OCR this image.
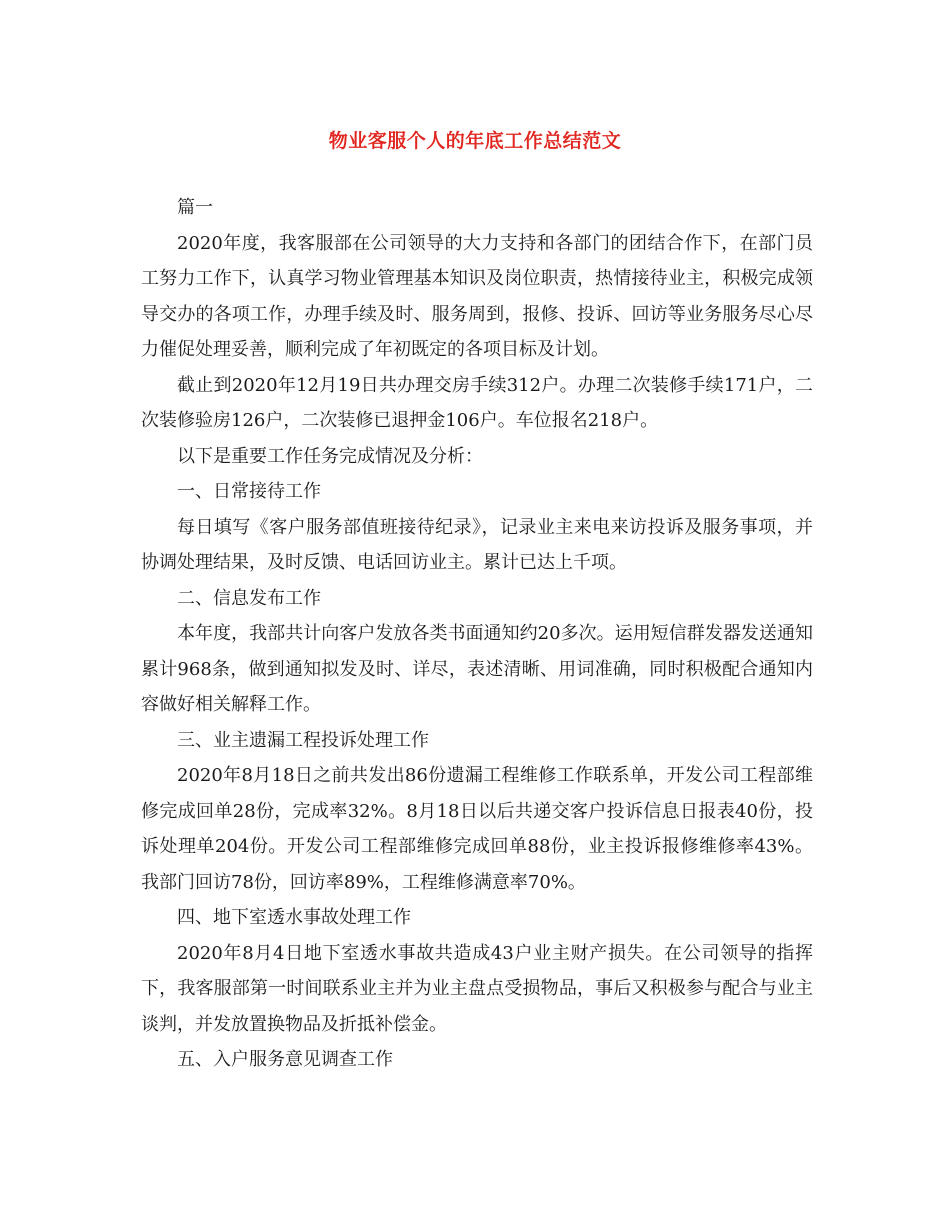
物业客服个人的年底工作总结范文

篇一

2020年度，我客服部在公司领导的大力支持和各部门的团结合作下，在部门员工努力工作下，认真学习物业管理基本知识及岗位职责，热情接待业主，积极完成领导交办的各项工作，办理手续及时、服务周到，报修、投诉、回访等业务服务尽心尽力催促处理妥善，顺利完成了年初既定的各项目标及计划。

截止到2020年12月19日共办理交房手续312户。办理二次装修手续171户，二次装修验房126户，二次装修已退押金106户。车位报名218户。

以下是重要工作任务完成情况及分析：

一、日常接待工作

每日填写《客户服务部值班接待纪录》，记录业主来电来访投诉及服务事项，并协调处理结果，及时反馈、电话回访业主。累计已达上千项。

二、信息发布工作

本年度，我部共计向客户发放各类书面通知约20多次。运用短信群发器发送通知累计968条，做到通知拟发及时、详尽，表述清晰、用词准确，同时积极配合通知内容做好相关解释工作。

三、业主遗漏工程投诉处理工作

2020年8月18日之前共发出86份遗漏工程维修工作联系单，开发公司工程部维修完成回单28份，完成率32%。8月18日以后共递交客户投诉信息日报表40份，投诉处理单204份。开发公司工程部维修完成回单88份，业主投诉报修维修率43%。我部门回访78份，回访率89%，工程维修满意率70%。

四、地下室透水事故处理工作

2020年8月4日地下室透水事故共造成43户业主财产损失。在公司领导的指挥下，我客服部第一时间联系业主并为业主盘点受损物品，事后又积极参与配合与业主谈判，并发放置换物品及折抵补偿金。

五、入户服务意见调查工作
